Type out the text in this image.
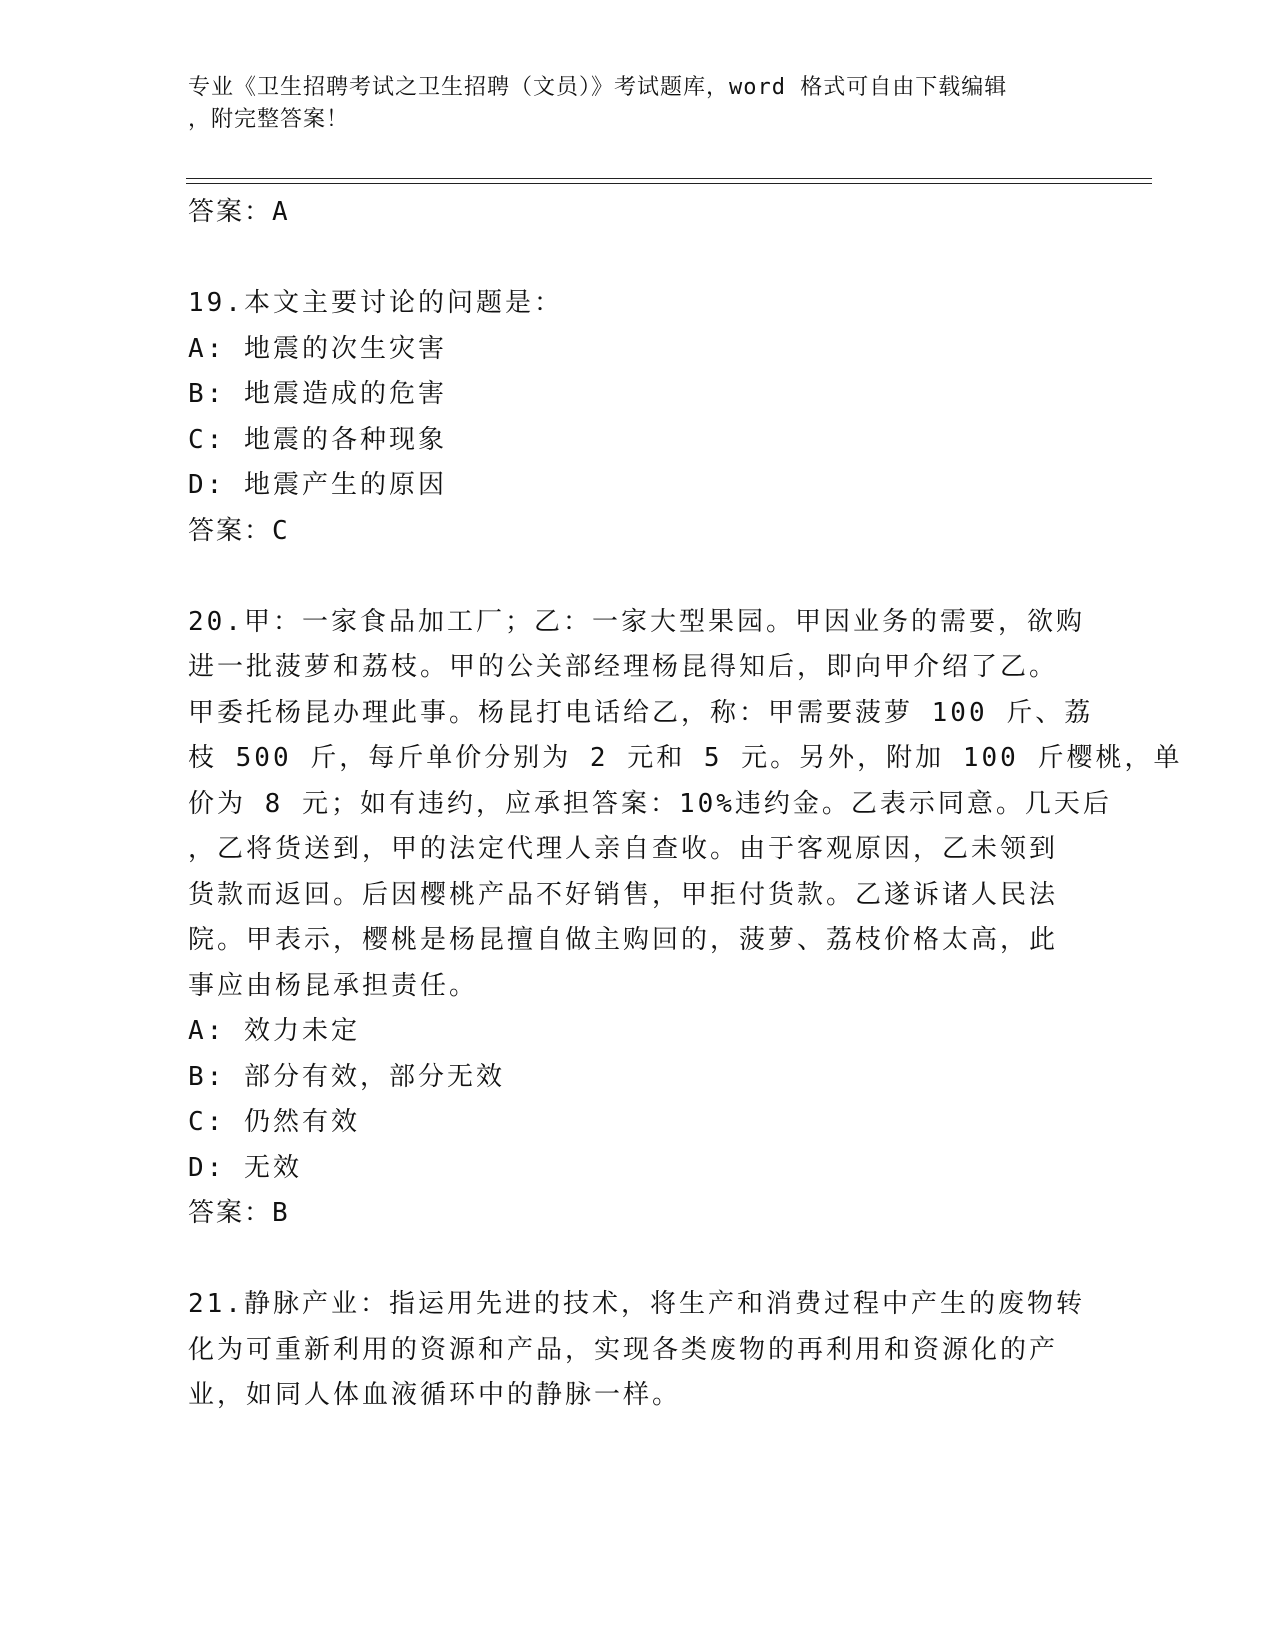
专业《卫生招聘考试之卫生招聘（文员）》考试题库，word 格式可自由下载编辑
，附完整答案！
答案：A
19.本文主要讨论的问题是：
A: 地震的次生灾害
B: 地震造成的危害
C: 地震的各种现象
D: 地震产生的原因
答案：C
20.甲：一家食品加工厂；乙：一家大型果园。甲因业务的需要，欲购
进一批菠萝和荔枝。甲的公关部经理杨昆得知后，即向甲介绍了乙。
甲委托杨昆办理此事。杨昆打电话给乙，称：甲需要菠萝 100 斤、荔
枝 500 斤，每斤单价分别为 2 元和 5 元。另外，附加 100 斤樱桃，单
价为 8 元；如有违约，应承担答案：10%违约金。乙表示同意。几天后
，乙将货送到，甲的法定代理人亲自查收。由于客观原因，乙未领到
货款而返回。后因樱桃产品不好销售，甲拒付货款。乙遂诉诸人民法
院。甲表示，樱桃是杨昆擅自做主购回的，菠萝、荔枝价格太高，此
事应由杨昆承担责任。
A: 效力未定
B: 部分有效，部分无效
C: 仍然有效
D: 无效
答案：B
21.静脉产业：指运用先进的技术，将生产和消费过程中产生的废物转
化为可重新利用的资源和产品，实现各类废物的再利用和资源化的产
业，如同人体血液循环中的静脉一样。
